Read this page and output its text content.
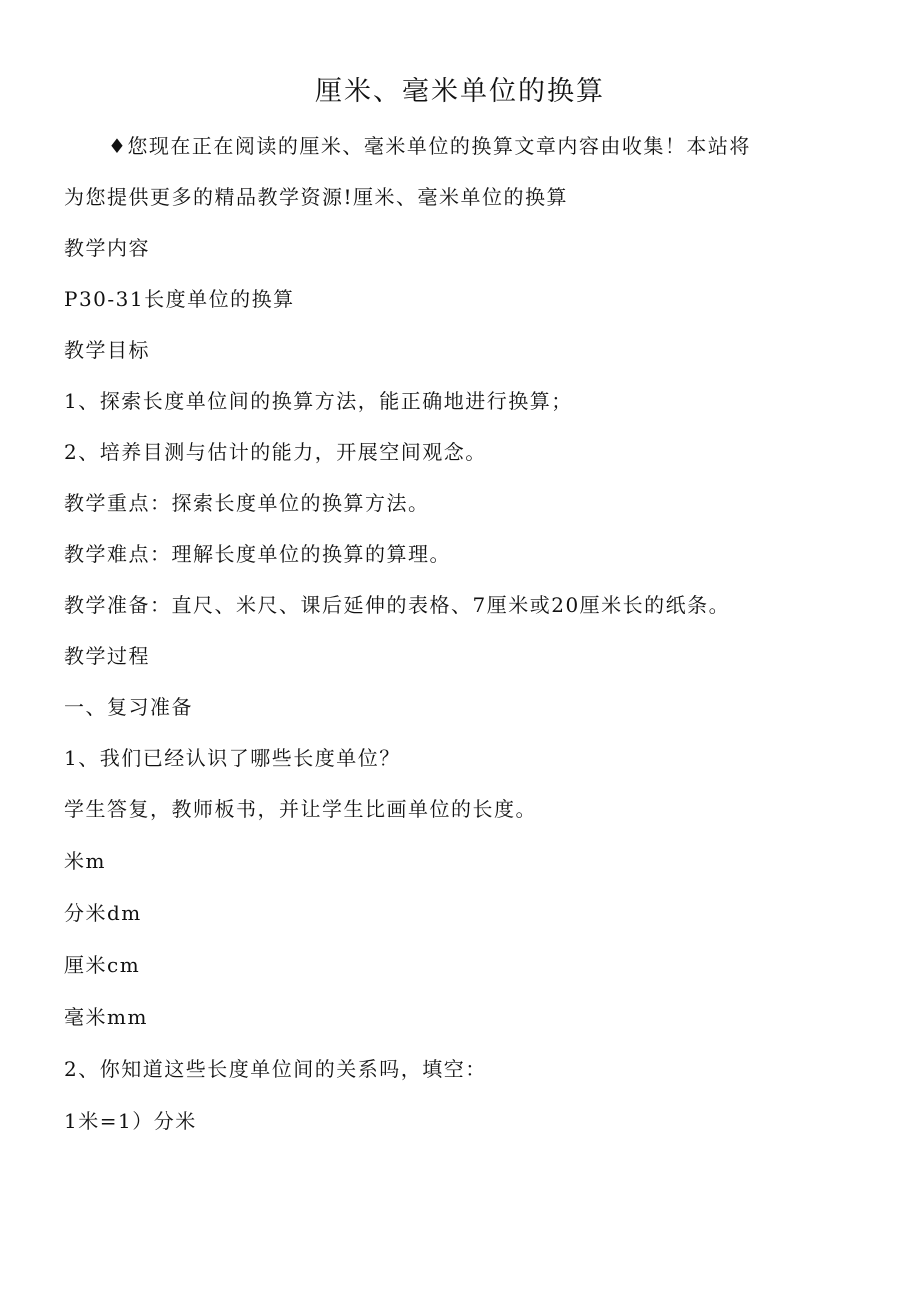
厘米、毫米单位的换算

♦您现在正在阅读的厘米、毫米单位的换算文章内容由收集！本站将

为您提供更多的精品教学资源!厘米、毫米单位的换算

教学内容

P30-31长度单位的换算

教学目标

1、探索长度单位间的换算方法，能正确地进行换算；

2、培养目测与估计的能力，开展空间观念。

教学重点：探索长度单位的换算方法。

教学难点：理解长度单位的换算的算理。

教学准备：直尺、米尺、课后延伸的表格、7厘米或20厘米长的纸条。

教学过程

一、复习准备

1、我们已经认识了哪些长度单位？

学生答复，教师板书，并让学生比画单位的长度。

米m

分米dm

厘米cm

毫米mm

2、你知道这些长度单位间的关系吗，填空：

1米=1）分米
